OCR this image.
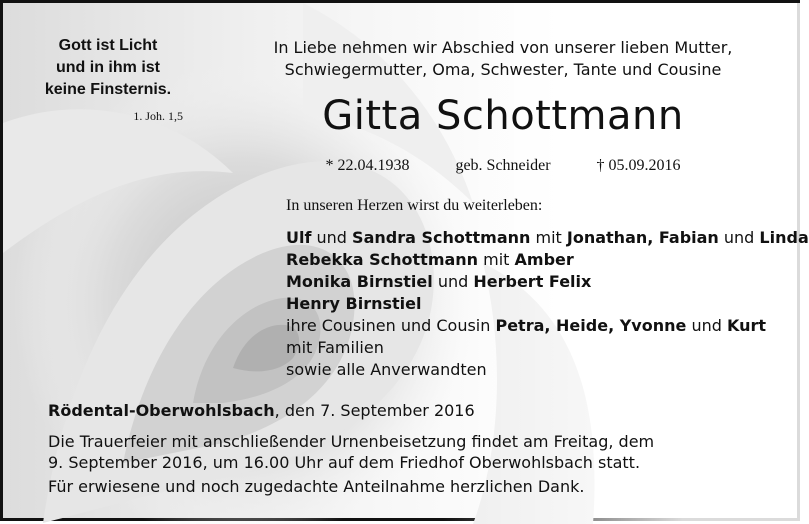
Gott ist Licht
und in ihm ist
keine Finsternis.
1. Joh. 1,5
In Liebe nehmen wir Abschied von unserer lieben Mutter,
Schwiegermutter, Oma, Schwester, Tante und Cousine
Gitta Schottmann
* 22.04.1938	geb. Schneider	† 05.09.2016
In unseren Herzen wirst du weiterleben:
Ulf und Sandra Schottmann mit Jonathan, Fabian und Linda
Rebekka Schottmann mit Amber
Monika Birnstiel und Herbert Felix
Henry Birnstiel
ihre Cousinen und Cousin Petra, Heide, Yvonne und Kurt
mit Familien
sowie alle Anverwandten
Rödental-Oberwohlsbach, den 7. September 2016

Die Trauerfeier mit anschließender Urnenbeisetzung findet am Freitag, dem
9. September 2016, um 16.00 Uhr auf dem Friedhof Oberwohlsbach statt.

Für erwiesene und noch zugedachte Anteilnahme herzlichen Dank.
